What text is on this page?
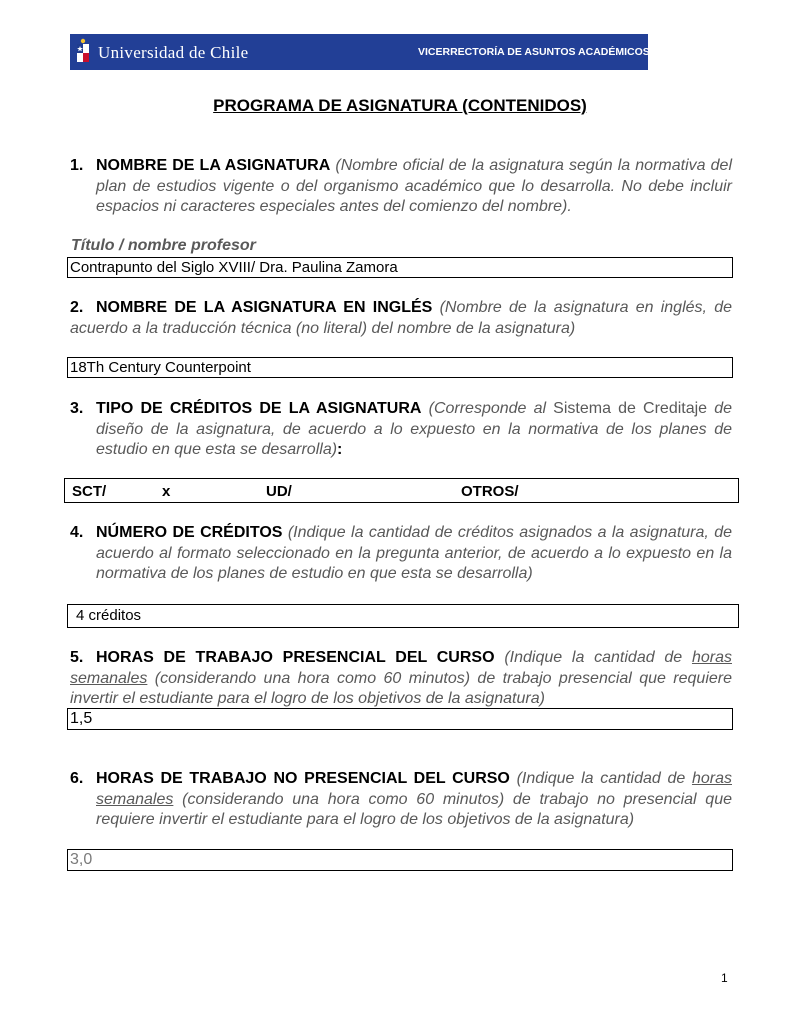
Universidad de Chile	VICERRECTORÍA DE ASUNTOS ACADÉMICOS
PROGRAMA DE ASIGNATURA (CONTENIDOS)
1. NOMBRE DE LA ASIGNATURA (Nombre oficial de la asignatura según la normativa del plan de estudios vigente o del organismo académico que lo desarrolla. No debe incluir espacios ni caracteres especiales antes del comienzo del nombre).
Título / nombre profesor
Contrapunto del Siglo XVIII/ Dra. Paulina Zamora
2. NOMBRE DE LA ASIGNATURA EN INGLÉS (Nombre de la asignatura en inglés, de acuerdo a la traducción técnica (no literal) del nombre de la asignatura)
18Th Century Counterpoint
3. TIPO DE CRÉDITOS DE LA ASIGNATURA (Corresponde al Sistema de Creditaje de diseño de la asignatura, de acuerdo a lo expuesto en la normativa de los planes de estudio en que esta se desarrolla):
SCT/	x	UD/	OTROS/
4. NÚMERO DE CRÉDITOS (Indique la cantidad de créditos asignados a la asignatura, de acuerdo al formato seleccionado en la pregunta anterior, de acuerdo a lo expuesto en la normativa de los planes de estudio en que esta se desarrolla)
4 créditos
5. HORAS DE TRABAJO PRESENCIAL DEL CURSO (Indique la cantidad de horas semanales (considerando una hora como 60 minutos) de trabajo presencial que requiere invertir el estudiante para el logro de los objetivos de la asignatura)
1,5
6. HORAS DE TRABAJO NO PRESENCIAL DEL CURSO (Indique la cantidad de horas semanales (considerando una hora como 60 minutos) de trabajo no presencial que requiere invertir el estudiante para el logro de los objetivos de la asignatura)
3,0
1
